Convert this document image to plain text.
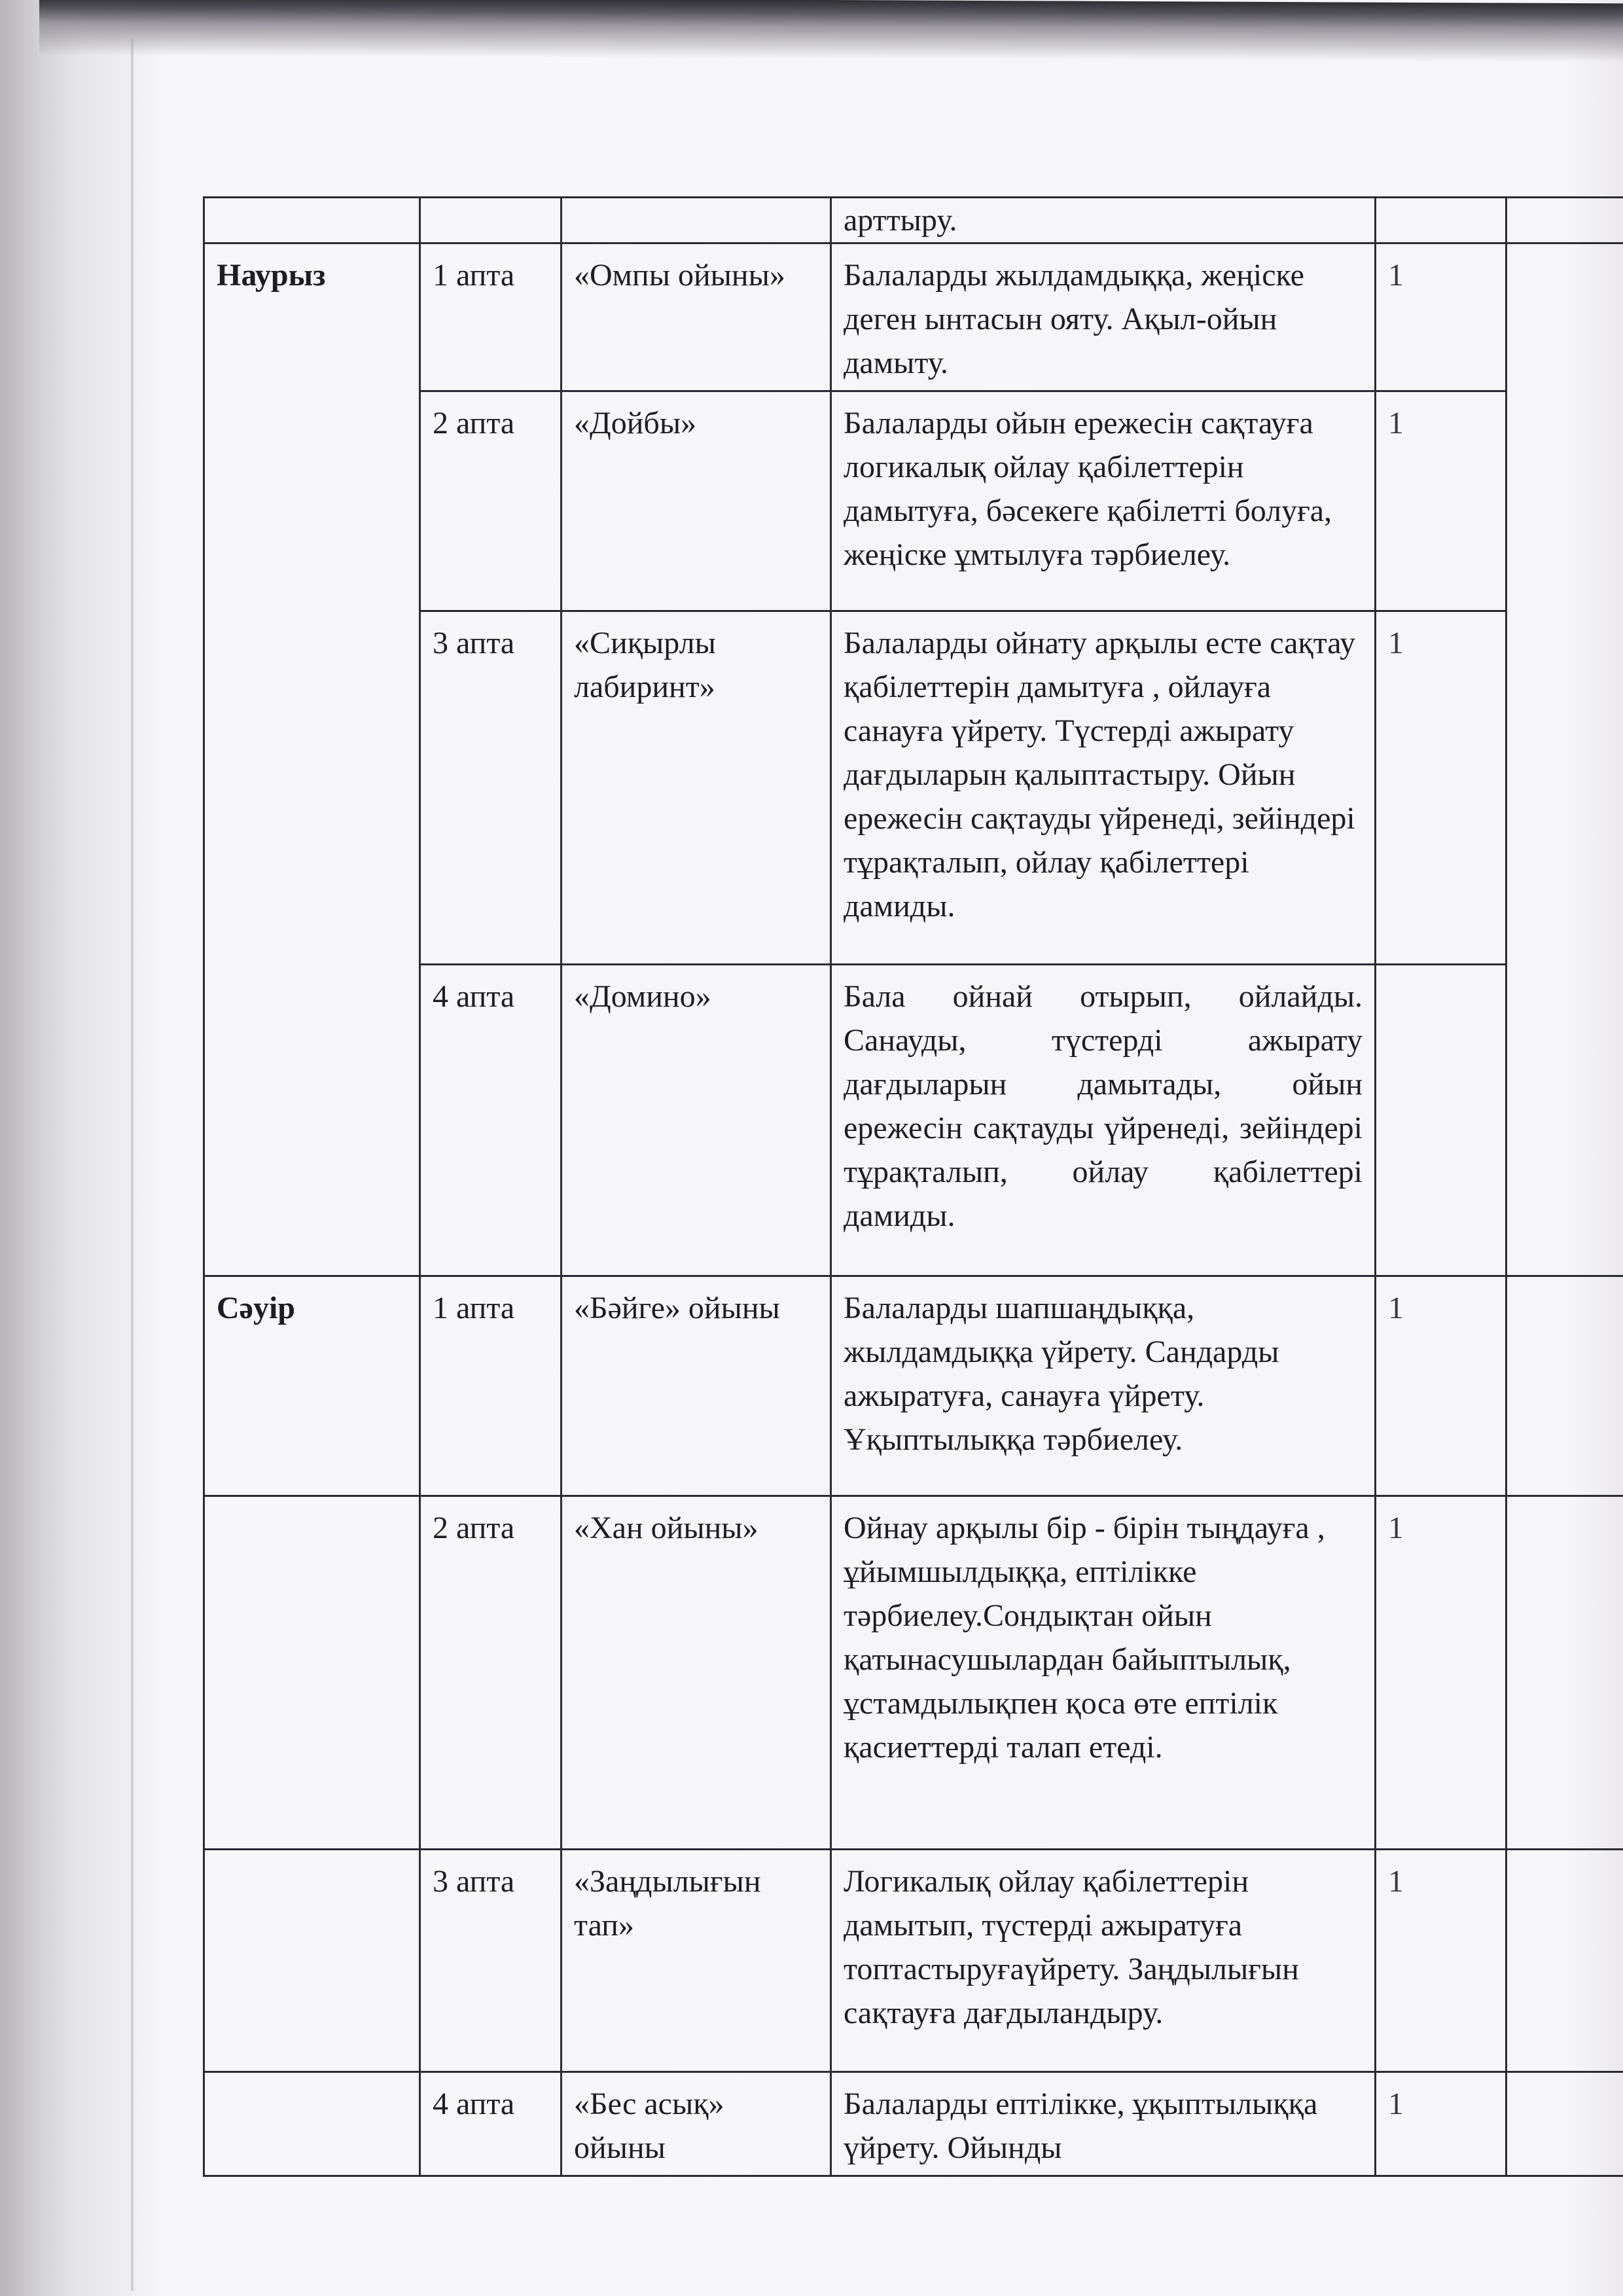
			арттыру.		
Наурыз	1 апта	«Омпы ойыны»	Балаларды жылдамдыққа, жеңіске деген ынтасын ояту. Ақыл-ойын дамыту.	1	
	2 апта	«Дойбы»	Балаларды ойын ережесін сақтауға логикалық ойлау қабілеттерін дамытуға, бәсекеге қабілетті болуға, жеңіске ұмтылуға тәрбиелеу.	1	
	3 апта	«Сиқырлы лабиринт»	Балаларды ойнату арқылы есте сақтау қабілеттерін дамытуға , ойлауға санауға үйрету. Түстерді ажырату дағдыларын қалыптастыру. Ойын ережесін сақтауды үйренеді, зейіндері тұрақталып, ойлау қабілеттері дамиды.	1	
	4 апта	«Домино»	Бала ойнай отырып, ойлайды. Санауды, түстерді ажырату дағдыларын дамытады, ойын ережесін сақтауды үйренеді, зейіндері тұрақталып, ойлау қабілеттері дамиды.		
Сәуір	1 апта	«Бәйге» ойыны	Балаларды шапшаңдыққа, жылдамдыққа үйрету. Сандарды ажыратуға, санауға үйрету. Ұқыптылыққа тәрбиелеу.	1	
	2 апта	«Хан ойыны»	Ойнау арқылы бір - бірін тыңдауға , ұйымшылдыққа, ептілікке тәрбиелеу.Сондықтан ойын қатынасушылардан байыптылық, ұстамдылықпен қоса өте ептілік қасиеттерді талап етеді.	1	
	3 апта	«Заңдылығын тап»	Логикалық ойлау қабілеттерін дамытып, түстерді ажыратуға топтастыруғаүйрету. Заңдылығын сақтауға дағдыландыру.	1	
	4 апта	«Бес асық» ойыны	Балаларды ептілікке, ұқыптылыққа үйрету. Ойынды	1	
